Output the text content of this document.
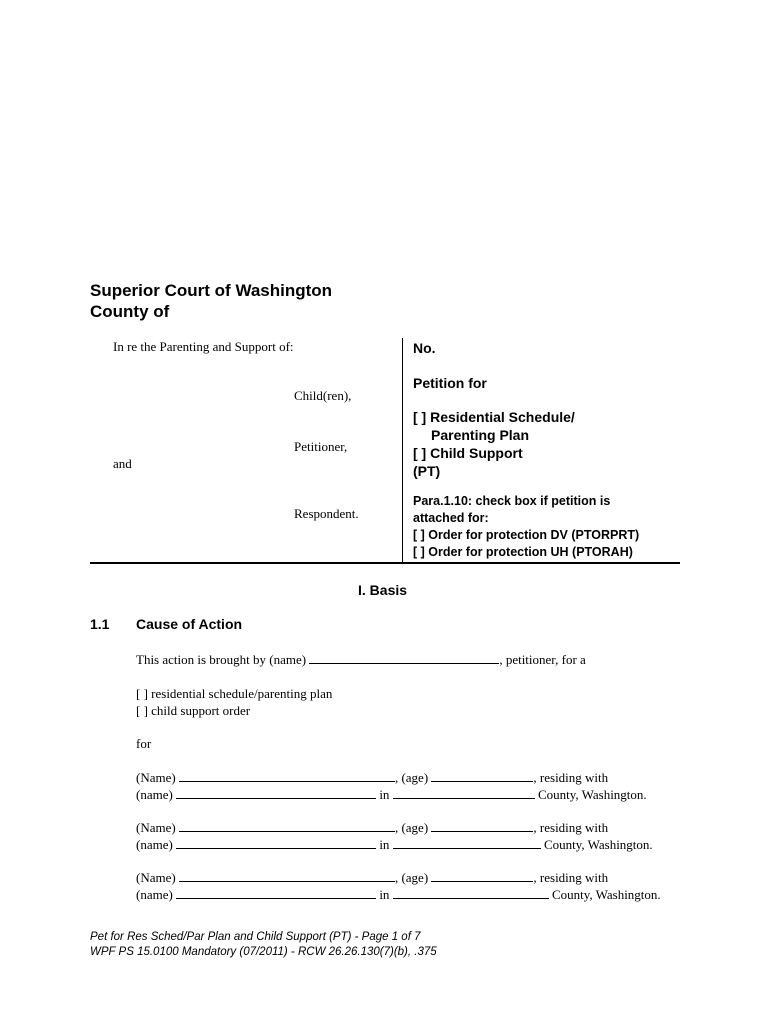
Superior Court of Washington
County of
In re the Parenting and Support of:
Child(ren),
Petitioner,
and
Respondent.
No.
Petition for
[ ] Residential Schedule/
Parenting Plan
[ ] Child Support
(PT)
Para.1.10: check box if petition is
attached for:
[ ] Order for protection DV (PTORPRT)
[ ] Order for protection UH (PTORAH)
I. Basis
1.1 Cause of Action
This action is brought by (name)	, petitioner, for a
[ ] residential schedule/parenting plan
[ ] child support order
for
(Name)	, (age)	, residing with
(name)	in	County, Washington.
(Name)	, (age)	, residing with
(name)	in	County, Washington.
(Name)	, (age)	, residing with
(name)	in	County, Washington.
Pet for Res Sched/Par Plan and Child Support (PT) - Page 1 of 7
WPF PS 15.0100 Mandatory (07/2011) - RCW 26.26.130(7)(b), .375
